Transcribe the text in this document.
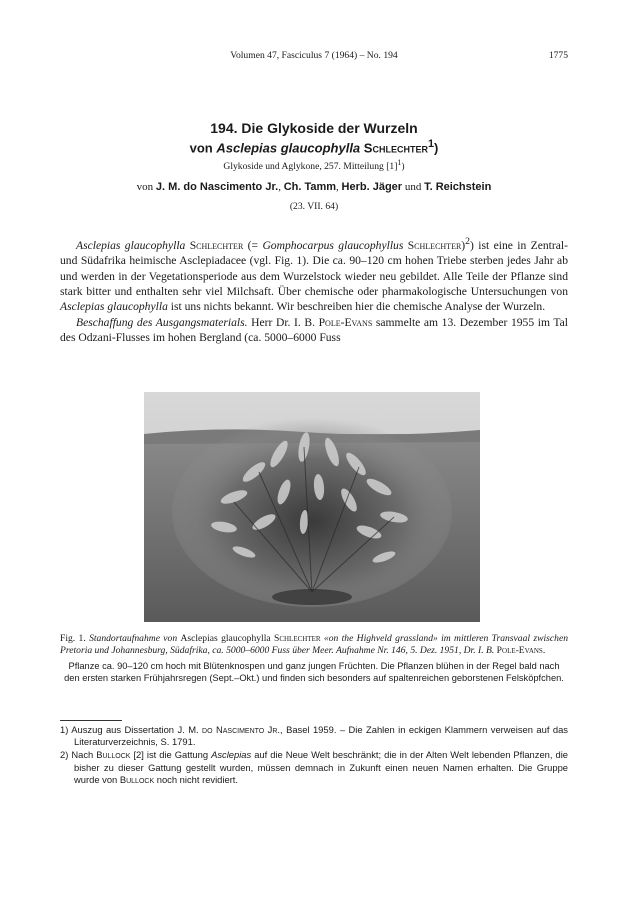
Volumen 47, Fasciculus 7 (1964) – No. 194	1775
194. Die Glykoside der Wurzeln
von Asclepias glaucophylla Schlechter$^1$)
Glykoside und Aglykone, 257. Mitteilung $[1]^1$)
von J. M. do Nascimento Jr., Ch. Tamm, Herb. Jäger und T. Reichstein
(23. VII. 64)

Asclepias glaucophylla Schlechter (= Gomphocarpus glaucophyllus Schlechter)$^2$) ist eine in Zentral- und Südafrika heimische Asclepiadacee (vgl. Fig. 1). Die ca. 90–120 cm hohen Triebe sterben jedes Jahr ab und werden in der Vegetationsperiode aus dem Wurzelstock wieder neu gebildet. Alle Teile der Pflanze sind stark bitter und enthalten sehr viel Milchsaft. Über chemische oder pharmakologische Untersuchungen von Asclepias glaucophylla ist uns nichts bekannt. Wir beschreiben hier die chemische Analyse der Wurzeln.

Beschaffung des Ausgangsmaterials. Herr Dr. I. B. Pole-Evans sammelte am 13. Dezember 1955 im Tal des Odzani-Flusses im hohen Bergland (ca. 5000–6000 Fuss

Fig. 1. Standortaufnahme von Asclepias glaucophylla Schlechter «on the Highveld grassland» im mittleren Transvaal zwischen Pretoria und Johannesburg, Südafrika, ca. 5000–6000 Fuss über Meer. Aufnahme Nr. 146, 5. Dez. 1951, Dr. I. B. Pole-Evans.

Pflanze ca. 90–120 cm hoch mit Blütenknospen und ganz jungen Früchten. Die Pflanzen blühen in der Regel bald nach den ersten starken Frühjahrsregen (Sept.–Okt.) und finden sich besonders auf spaltenreichen geborstenen Felsköpfchen.

1) Auszug aus Dissertation J. M. do Nascimento Jr., Basel 1959. – Die Zahlen in eckigen Klammern verweisen auf das Literaturverzeichnis, S. 1791.

2) Nach Bullock [2] ist die Gattung Asclepias auf die Neue Welt beschränkt; die in der Alten Welt lebenden Pflanzen, die bisher zu dieser Gattung gestellt wurden, müssen demnach in Zukunft einen neuen Namen erhalten. Die Gruppe wurde von Bullock noch nicht revidiert.
